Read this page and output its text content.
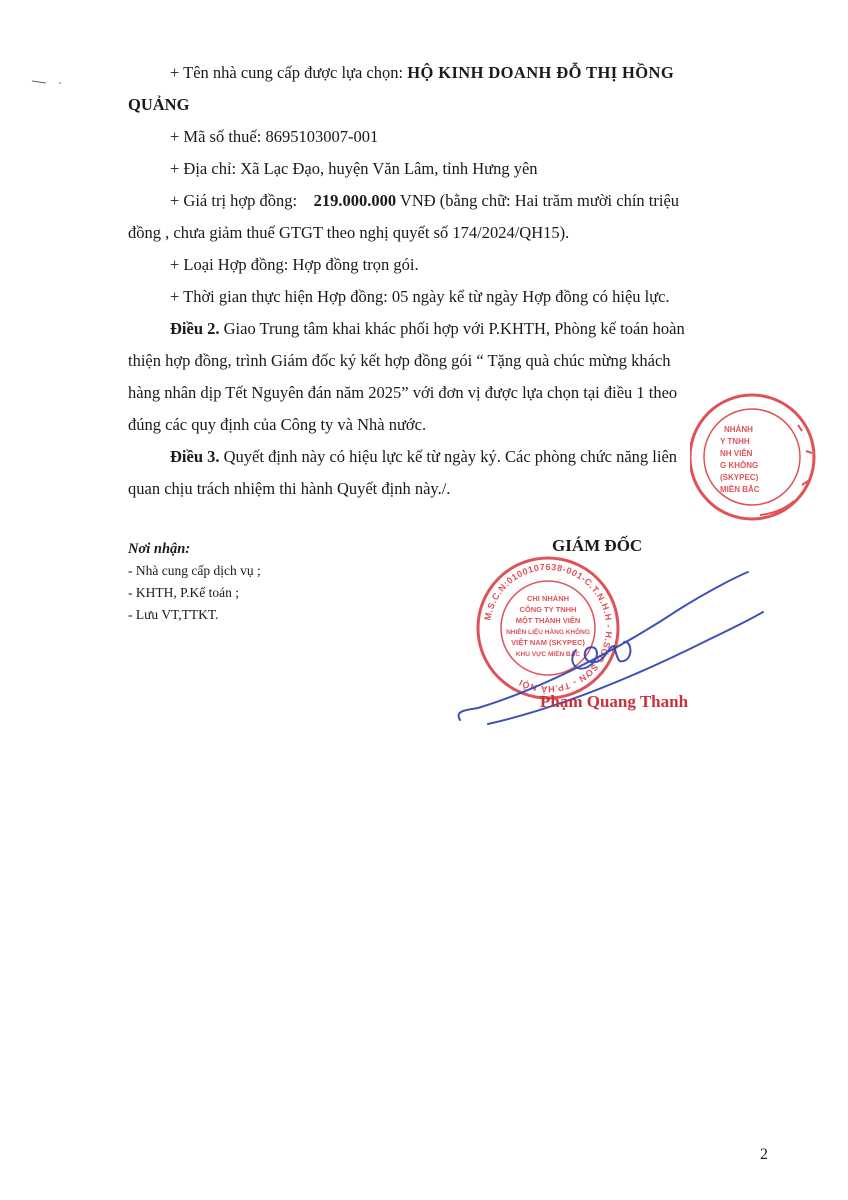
+ Tên nhà cung cấp được lựa chọn: HỘ KINH DOANH ĐỖ THỊ HỒNG
QUẢNG
+ Mã số thuế: 8695103007-001
+ Địa chỉ: Xã Lạc Đạo, huyện Văn Lâm, tỉnh Hưng yên
+ Giá trị hợp đồng: 219.000.000 VNĐ (bằng chữ: Hai trăm mười chín triệu
đồng , chưa giảm thuế GTGT theo nghị quyết số 174/2024/QH15).
+ Loại Hợp đồng: Hợp đồng trọn gói.
+ Thời gian thực hiện Hợp đồng: 05 ngày kể từ ngày Hợp đồng có hiệu lực.
Điều 2. Giao Trung tâm khai khác phối hợp với P.KHTH, Phòng kế toán hoàn
thiện hợp đồng, trình Giám đốc ký kết hợp đồng gói “ Tặng quà chúc mừng khách
hàng nhân dịp Tết Nguyên đán năm 2025” với đơn vị được lựa chọn tại điều 1 theo
đúng các quy định của Công ty và Nhà nước.
Điều 3. Quyết định này có hiệu lực kể từ ngày ký. Các phòng chức năng liên
quan chịu trách nhiệm thi hành Quyết định này./.
NHÁNH
Y TNHH
NH VIÊN
G KHÔNG
(SKYPEC)
MIỀN BẮC
Nơi nhận:
- Nhà cung cấp dịch vụ ;
- KHTH, P.Kế toán ;
- Lưu VT,TTKT.
GIÁM ĐỐC
M.S.C.N:0100107638-001-C.T.N.H.H - H.SÓC SƠN - TP.HÀ NỘI
CHI NHÁNH
CÔNG TY TNHH
MỘT THÀNH VIÊN
NHIÊN LIỆU HÀNG KHÔNG
VIỆT NAM (SKYPEC)
KHU VỰC MIỀN BẮC
Phạm Quang Thanh
2
